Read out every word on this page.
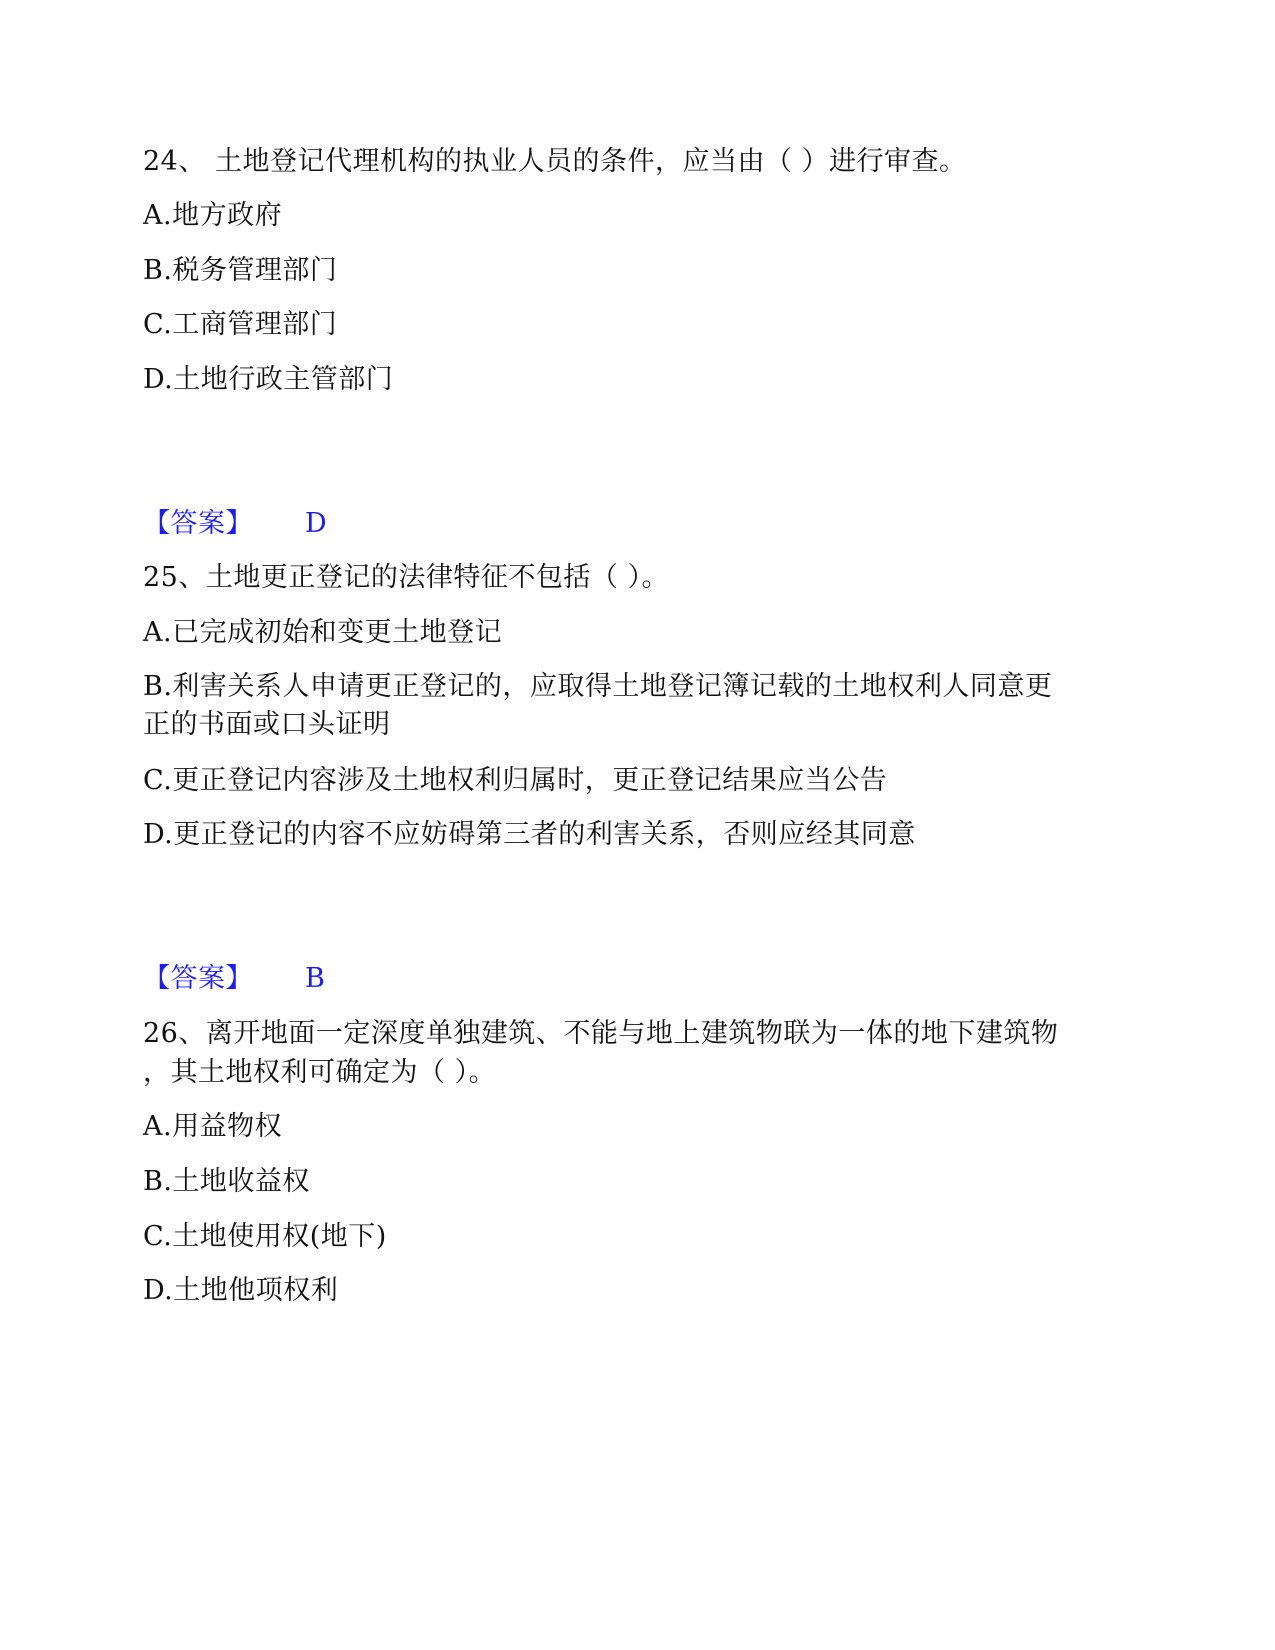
24、 土地登记代理机构的执业人员的条件，应当由（ ）进行审查。
A.地方政府
B.税务管理部门
C.工商管理部门
D.土地行政主管部门
【答案】 D
25、土地更正登记的法律特征不包括（ ）。
A.已完成初始和变更土地登记
B.利害关系人申请更正登记的，应取得土地登记簿记载的土地权利人同意更
正的书面或口头证明
C.更正登记内容涉及土地权利归属时，更正登记结果应当公告
D.更正登记的内容不应妨碍第三者的利害关系，否则应经其同意
【答案】 B
26、离开地面一定深度单独建筑、不能与地上建筑物联为一体的地下建筑物
，其土地权利可确定为（ ）。
A.用益物权
B.土地收益权
C.土地使用权(地下)
D.土地他项权利
